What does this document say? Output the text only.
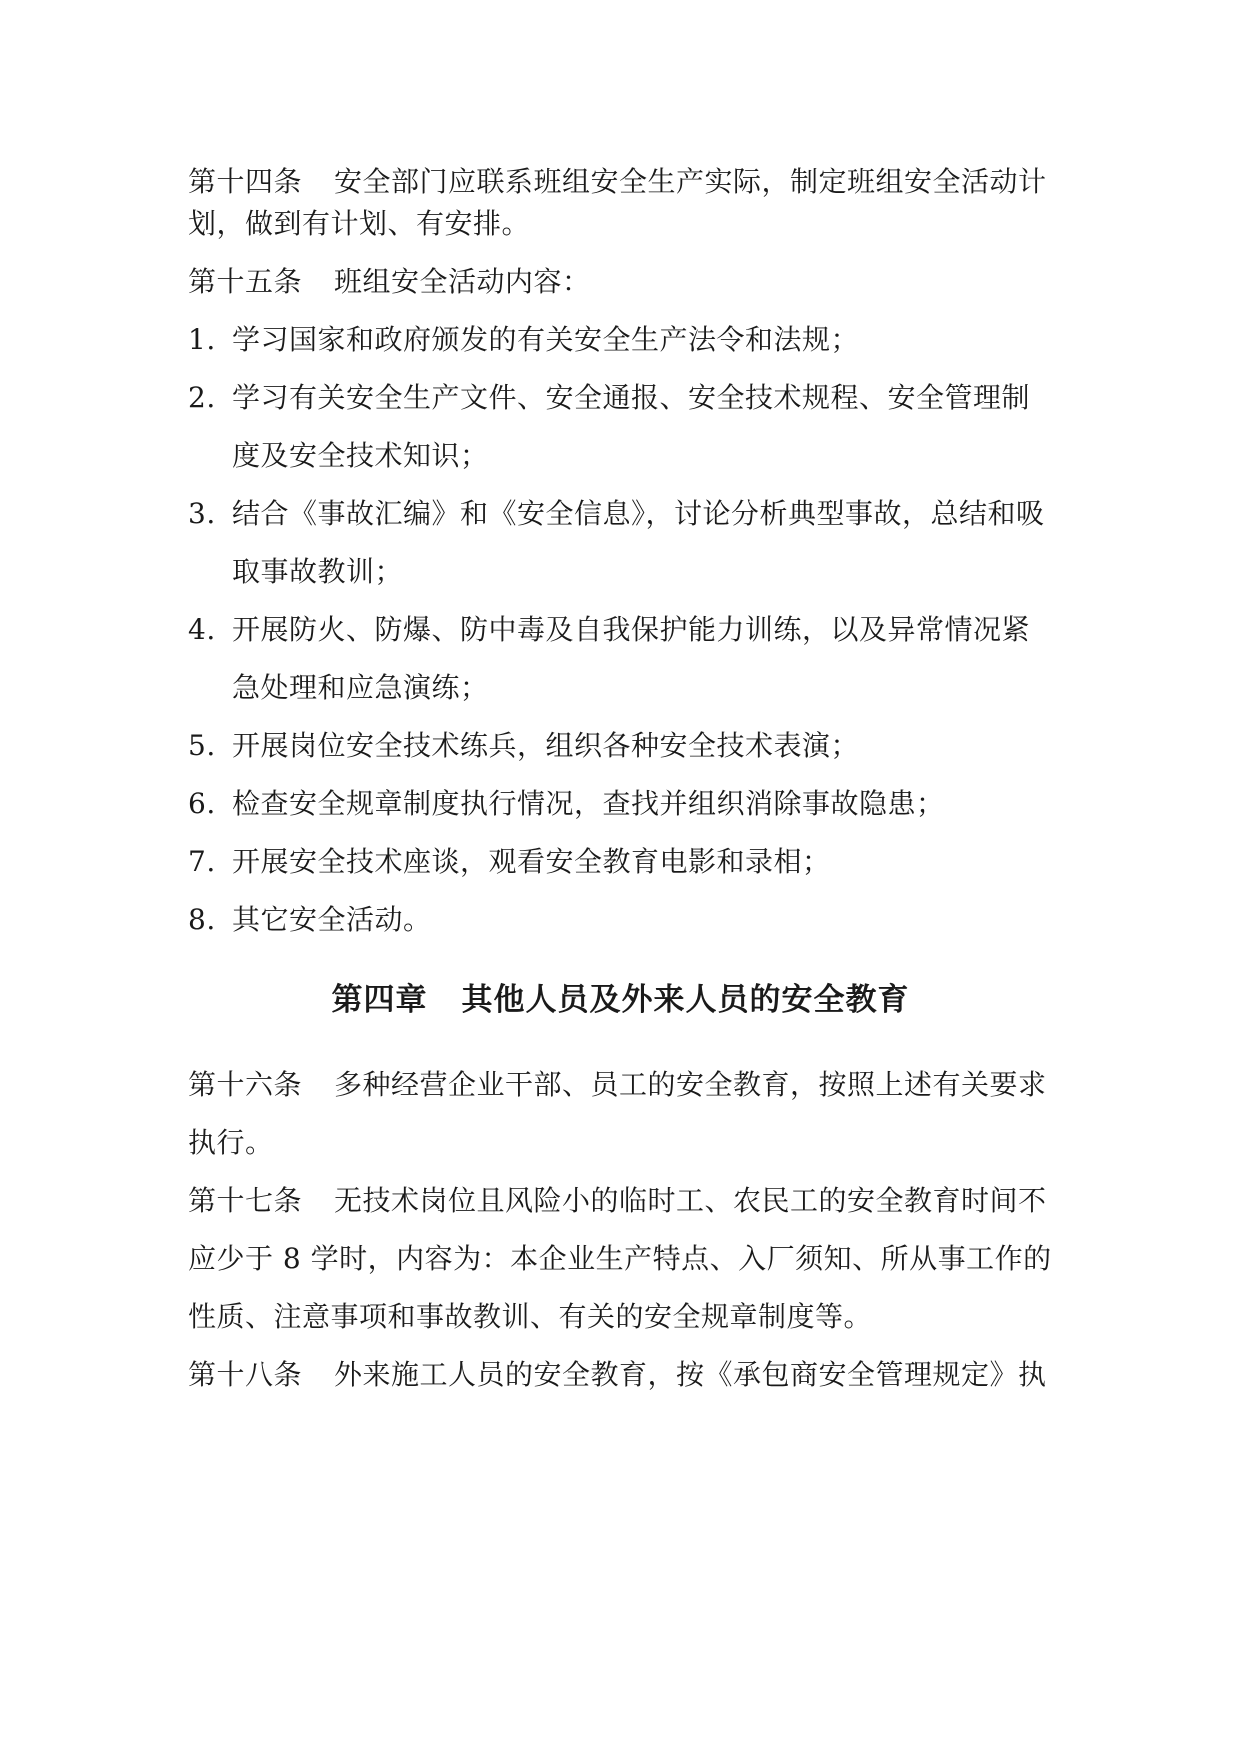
第十四条 安全部门应联系班组安全生产实际，制定班组安全活动计
划，做到有计划、有安排。
第十五条 班组安全活动内容：
1. 学习国家和政府颁发的有关安全生产法令和法规；
2. 学习有关安全生产文件、安全通报、安全技术规程、安全管理制
度及安全技术知识；
3. 结合《事故汇编》和《安全信息》，讨论分析典型事故，总结和吸
取事故教训；
4. 开展防火、防爆、防中毒及自我保护能力训练，以及异常情况紧
急处理和应急演练；
5. 开展岗位安全技术练兵，组织各种安全技术表演；
6. 检查安全规章制度执行情况，查找并组织消除事故隐患；
7. 开展安全技术座谈，观看安全教育电影和录相；
8. 其它安全活动。
第四章 其他人员及外来人员的安全教育
第十六条 多种经营企业干部、员工的安全教育，按照上述有关要求
执行。
第十七条 无技术岗位且风险小的临时工、农民工的安全教育时间不
应少于 8 学时，内容为：本企业生产特点、入厂须知、所从事工作的
性质、注意事项和事故教训、有关的安全规章制度等。
第十八条 外来施工人员的安全教育，按《承包商安全管理规定》执
